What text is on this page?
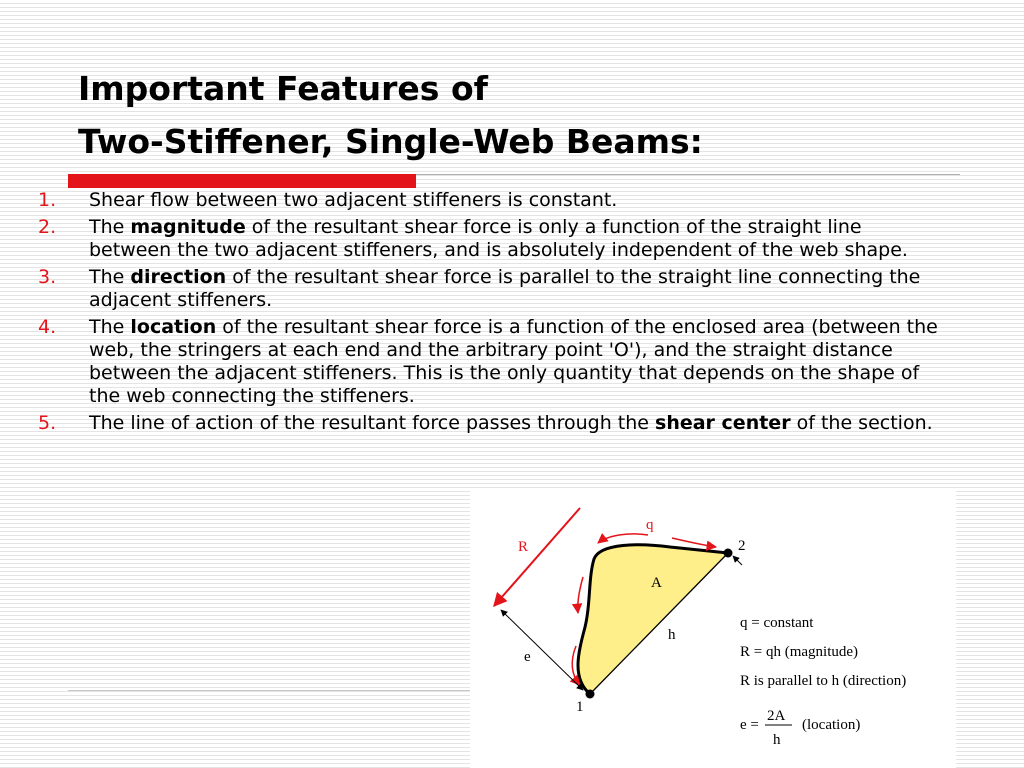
Important Features of
Two-Stiffener, Single-Web Beams:
1. Shear flow between two adjacent stiffeners is constant.
2. The magnitude of the resultant shear force is only a function of the straight line between the two adjacent stiffeners, and is absolutely independent of the web shape.
3. The direction of the resultant shear force is parallel to the straight line connecting the adjacent stiffeners.
4. The location of the resultant shear force is a function of the enclosed area (between the web, the stringers at each end and the arbitrary point 'O'), and the straight distance between the adjacent stiffeners. This is the only quantity that depends on the shape of the web connecting the stiffeners.
5. The line of action of the resultant force passes through the shear center of the section.
q
R
A
h
e
1
2
q = constant
R = qh (magnitude)
R is parallel to h (direction)
e =
2A
h
(location)
